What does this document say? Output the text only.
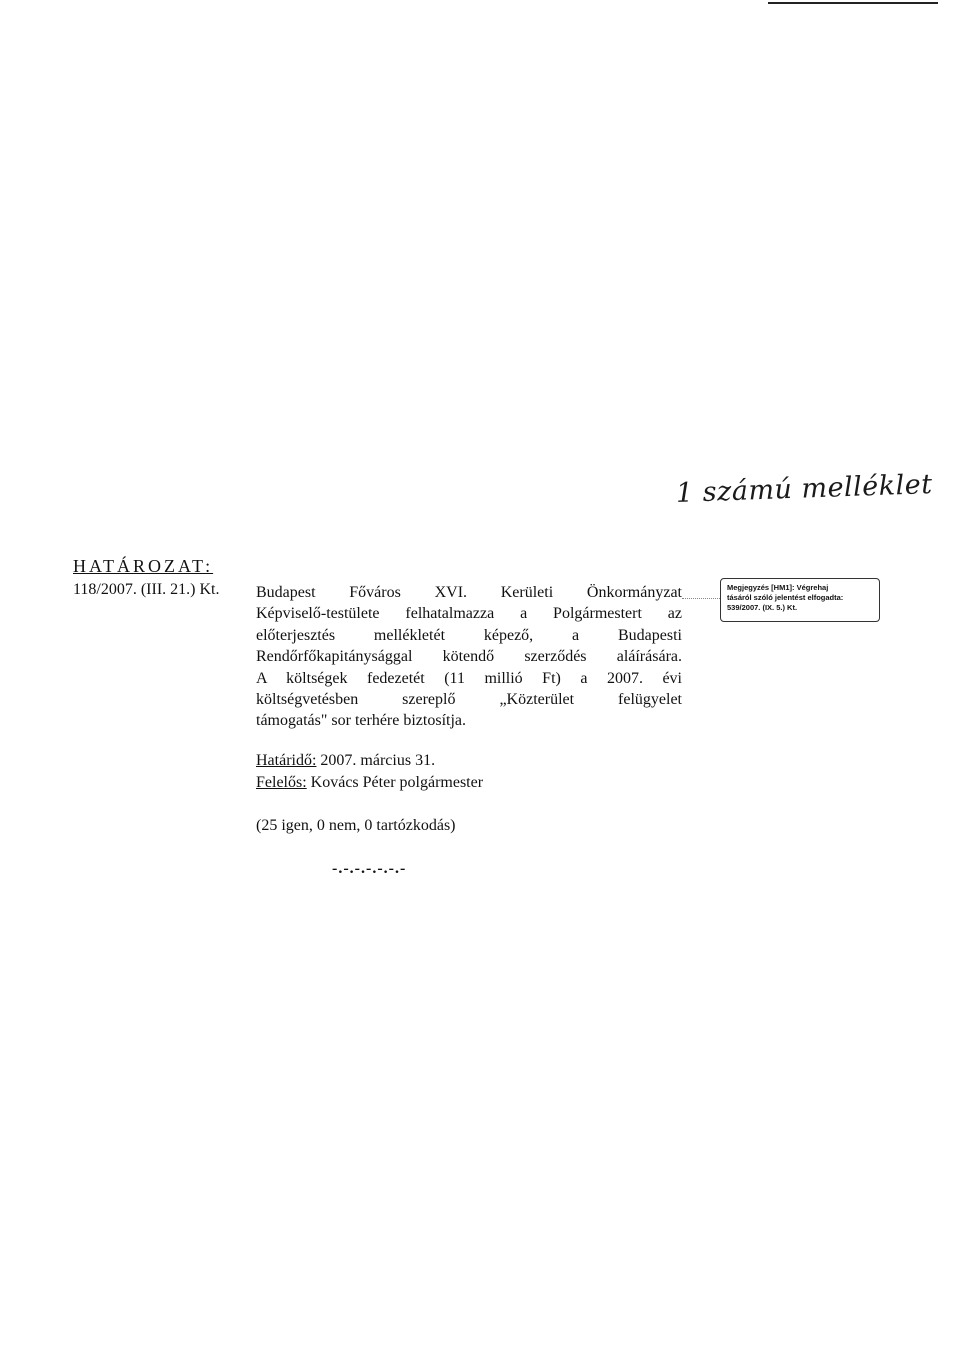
1 számú melléklet
HATÁROZAT:
118/2007. (III. 21.) Kt. Budapest Főváros XVI. Kerületi Önkormányzat
Képviselő-testülete felhatalmazza a Polgármestert az
előterjesztés mellékletét képező, a Budapesti
Rendőrfőkapitánysággal kötendő szerződés aláírására.
A költségek fedezetét (11 millió Ft) a 2007. évi
költségvetésben szereplő „Közterület felügyelet
támogatás" sor terhére biztosítja.
Határidő: 2007. március 31.
Felelős: Kovács Péter polgármester
(25 igen, 0 nem, 0 tartózkodás)
-.-.-.-.-.-.-
Megjegyzés [HM1]: Végrehaj
tásáról szóló jelentést elfogadta:
539/2007. (IX. 5.) Kt.
